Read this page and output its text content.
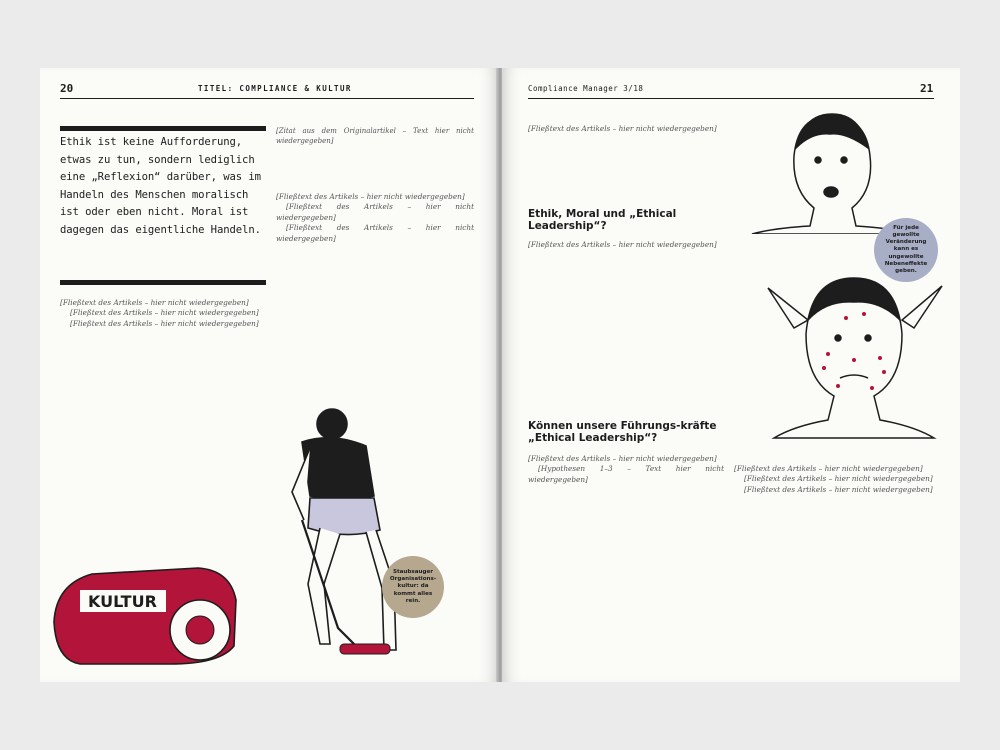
20	TITEL: COMPLIANCE & KULTUR
Ethik ist keine Aufforderung, etwas zu tun, sondern lediglich eine „Reflexion“ darüber, was im Handeln des Menschen moralisch ist oder eben nicht. Moral ist dagegen das eigentliche Handeln.
[Zitat aus dem Originalartikel – Text hier nicht wiedergegeben]

[Fließtext des Artikels – hier nicht wiedergegeben]

[Fließtext des Artikels – hier nicht wiedergegeben]

[Fließtext des Artikels – hier nicht wiedergegeben]

[Fließtext des Artikels – hier nicht wiedergegeben]

[Fließtext des Artikels – hier nicht wiedergegeben]

[Fließtext des Artikels – hier nicht wiedergegeben]

KULTUR
Staubsauger Organisations-kultur: da kommt alles rein.
Compliance Manager 3/18	21

[Fließtext des Artikels – hier nicht wiedergegeben]

Ethik, Moral und „Ethical Leadership“?

[Fließtext des Artikels – hier nicht wiedergegeben]

Können unsere Führungs-kräfte „Ethical Leadership“?

[Fließtext des Artikels – hier nicht wiedergegeben]

[Hypothesen 1–3 – Text hier nicht wiedergegeben]

Für jede gewollte Veränderung kann es ungewollte Nebeneffekte geben.

[Fließtext des Artikels – hier nicht wiedergegeben]

[Fließtext des Artikels – hier nicht wiedergegeben]

[Fließtext des Artikels – hier nicht wiedergegeben]
